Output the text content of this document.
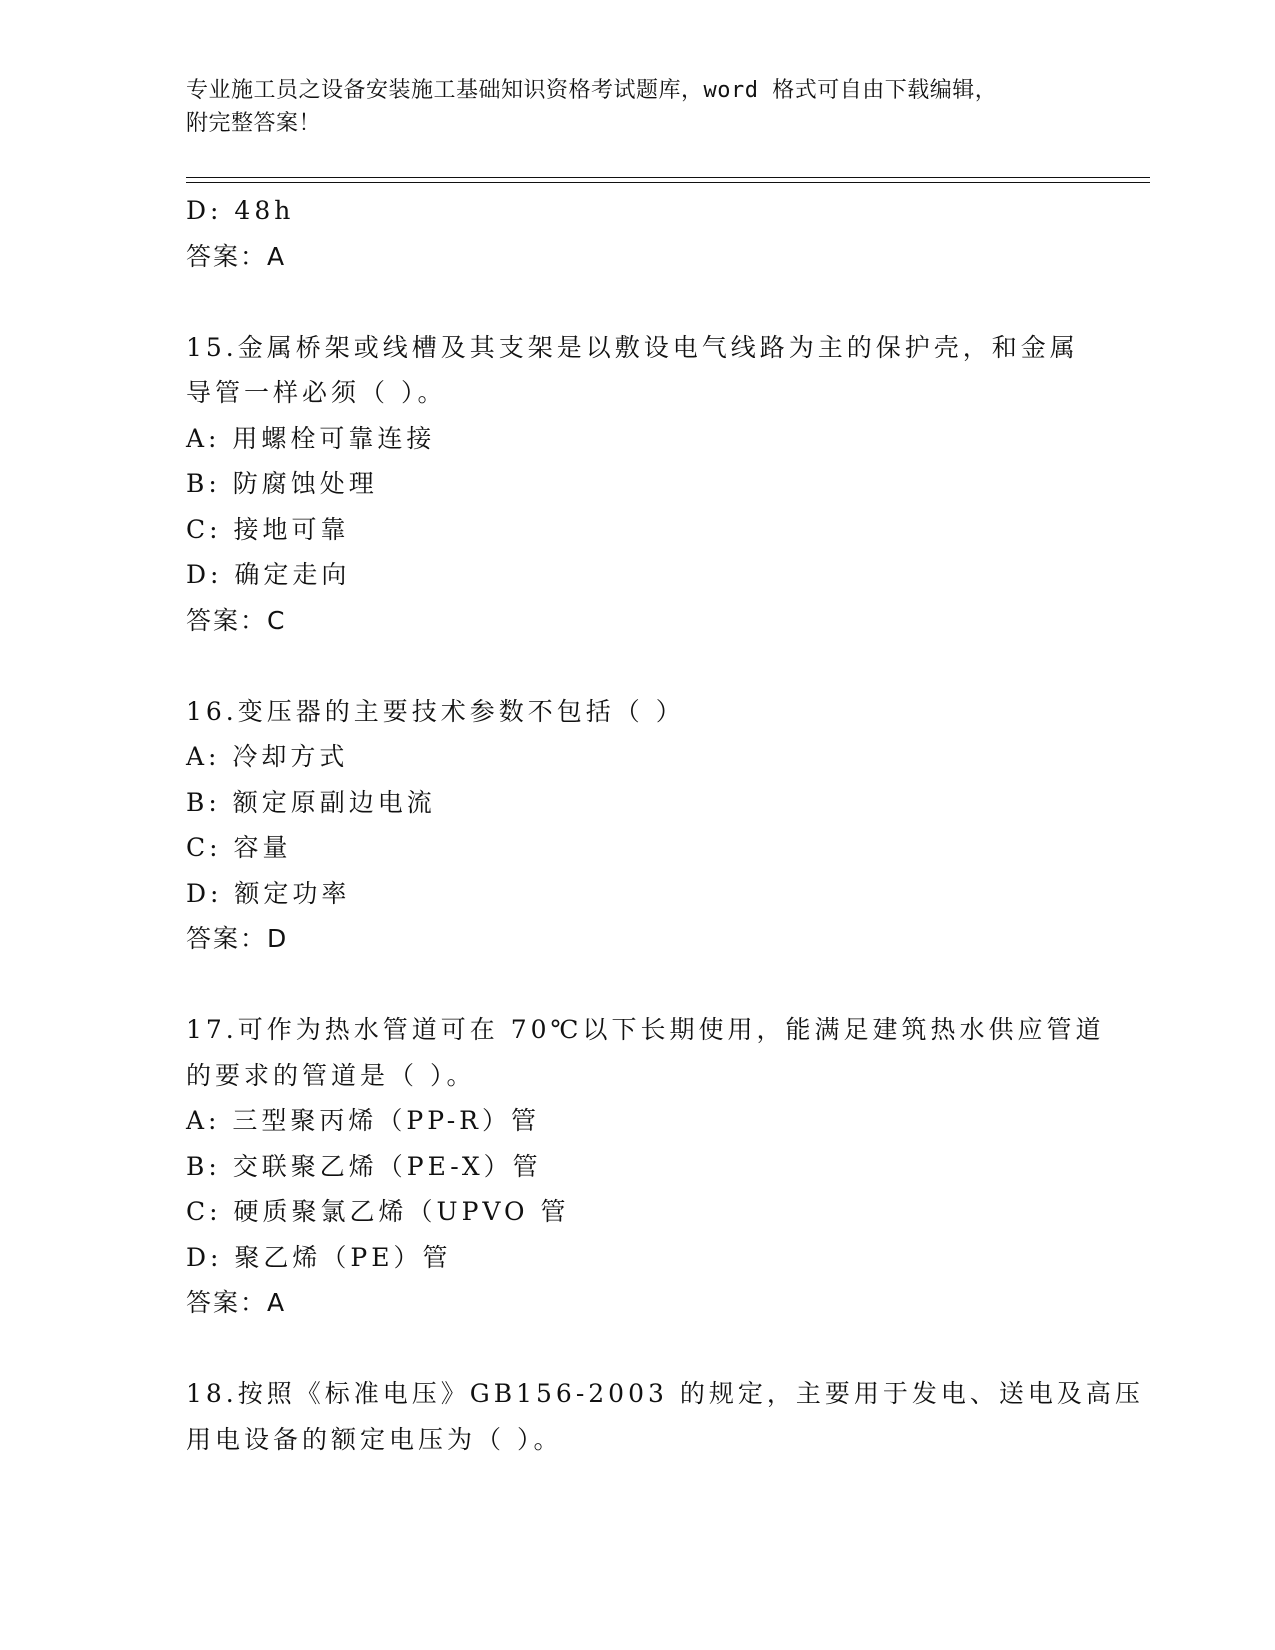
专业施工员之设备安装施工基础知识资格考试题库，word 格式可自由下载编辑，
附完整答案！
D: 48h
答案：A
15.金属桥架或线槽及其支架是以敷设电气线路为主的保护壳，和金属
导管一样必须（ ）。
A: 用螺栓可靠连接
B: 防腐蚀处理
C: 接地可靠
D: 确定走向
答案：C
16.变压器的主要技术参数不包括（ ）
A: 冷却方式
B: 额定原副边电流
C: 容量
D: 额定功率
答案：D
17.可作为热水管道可在 70℃以下长期使用，能满足建筑热水供应管道
的要求的管道是（ ）。
A: 三型聚丙烯（PP-R）管
B: 交联聚乙烯（PE-X）管
C: 硬质聚氯乙烯（UPVO 管
D: 聚乙烯（PE）管
答案：A
18.按照《标准电压》GB156-2003 的规定，主要用于发电、送电及高压
用电设备的额定电压为（ ）。
